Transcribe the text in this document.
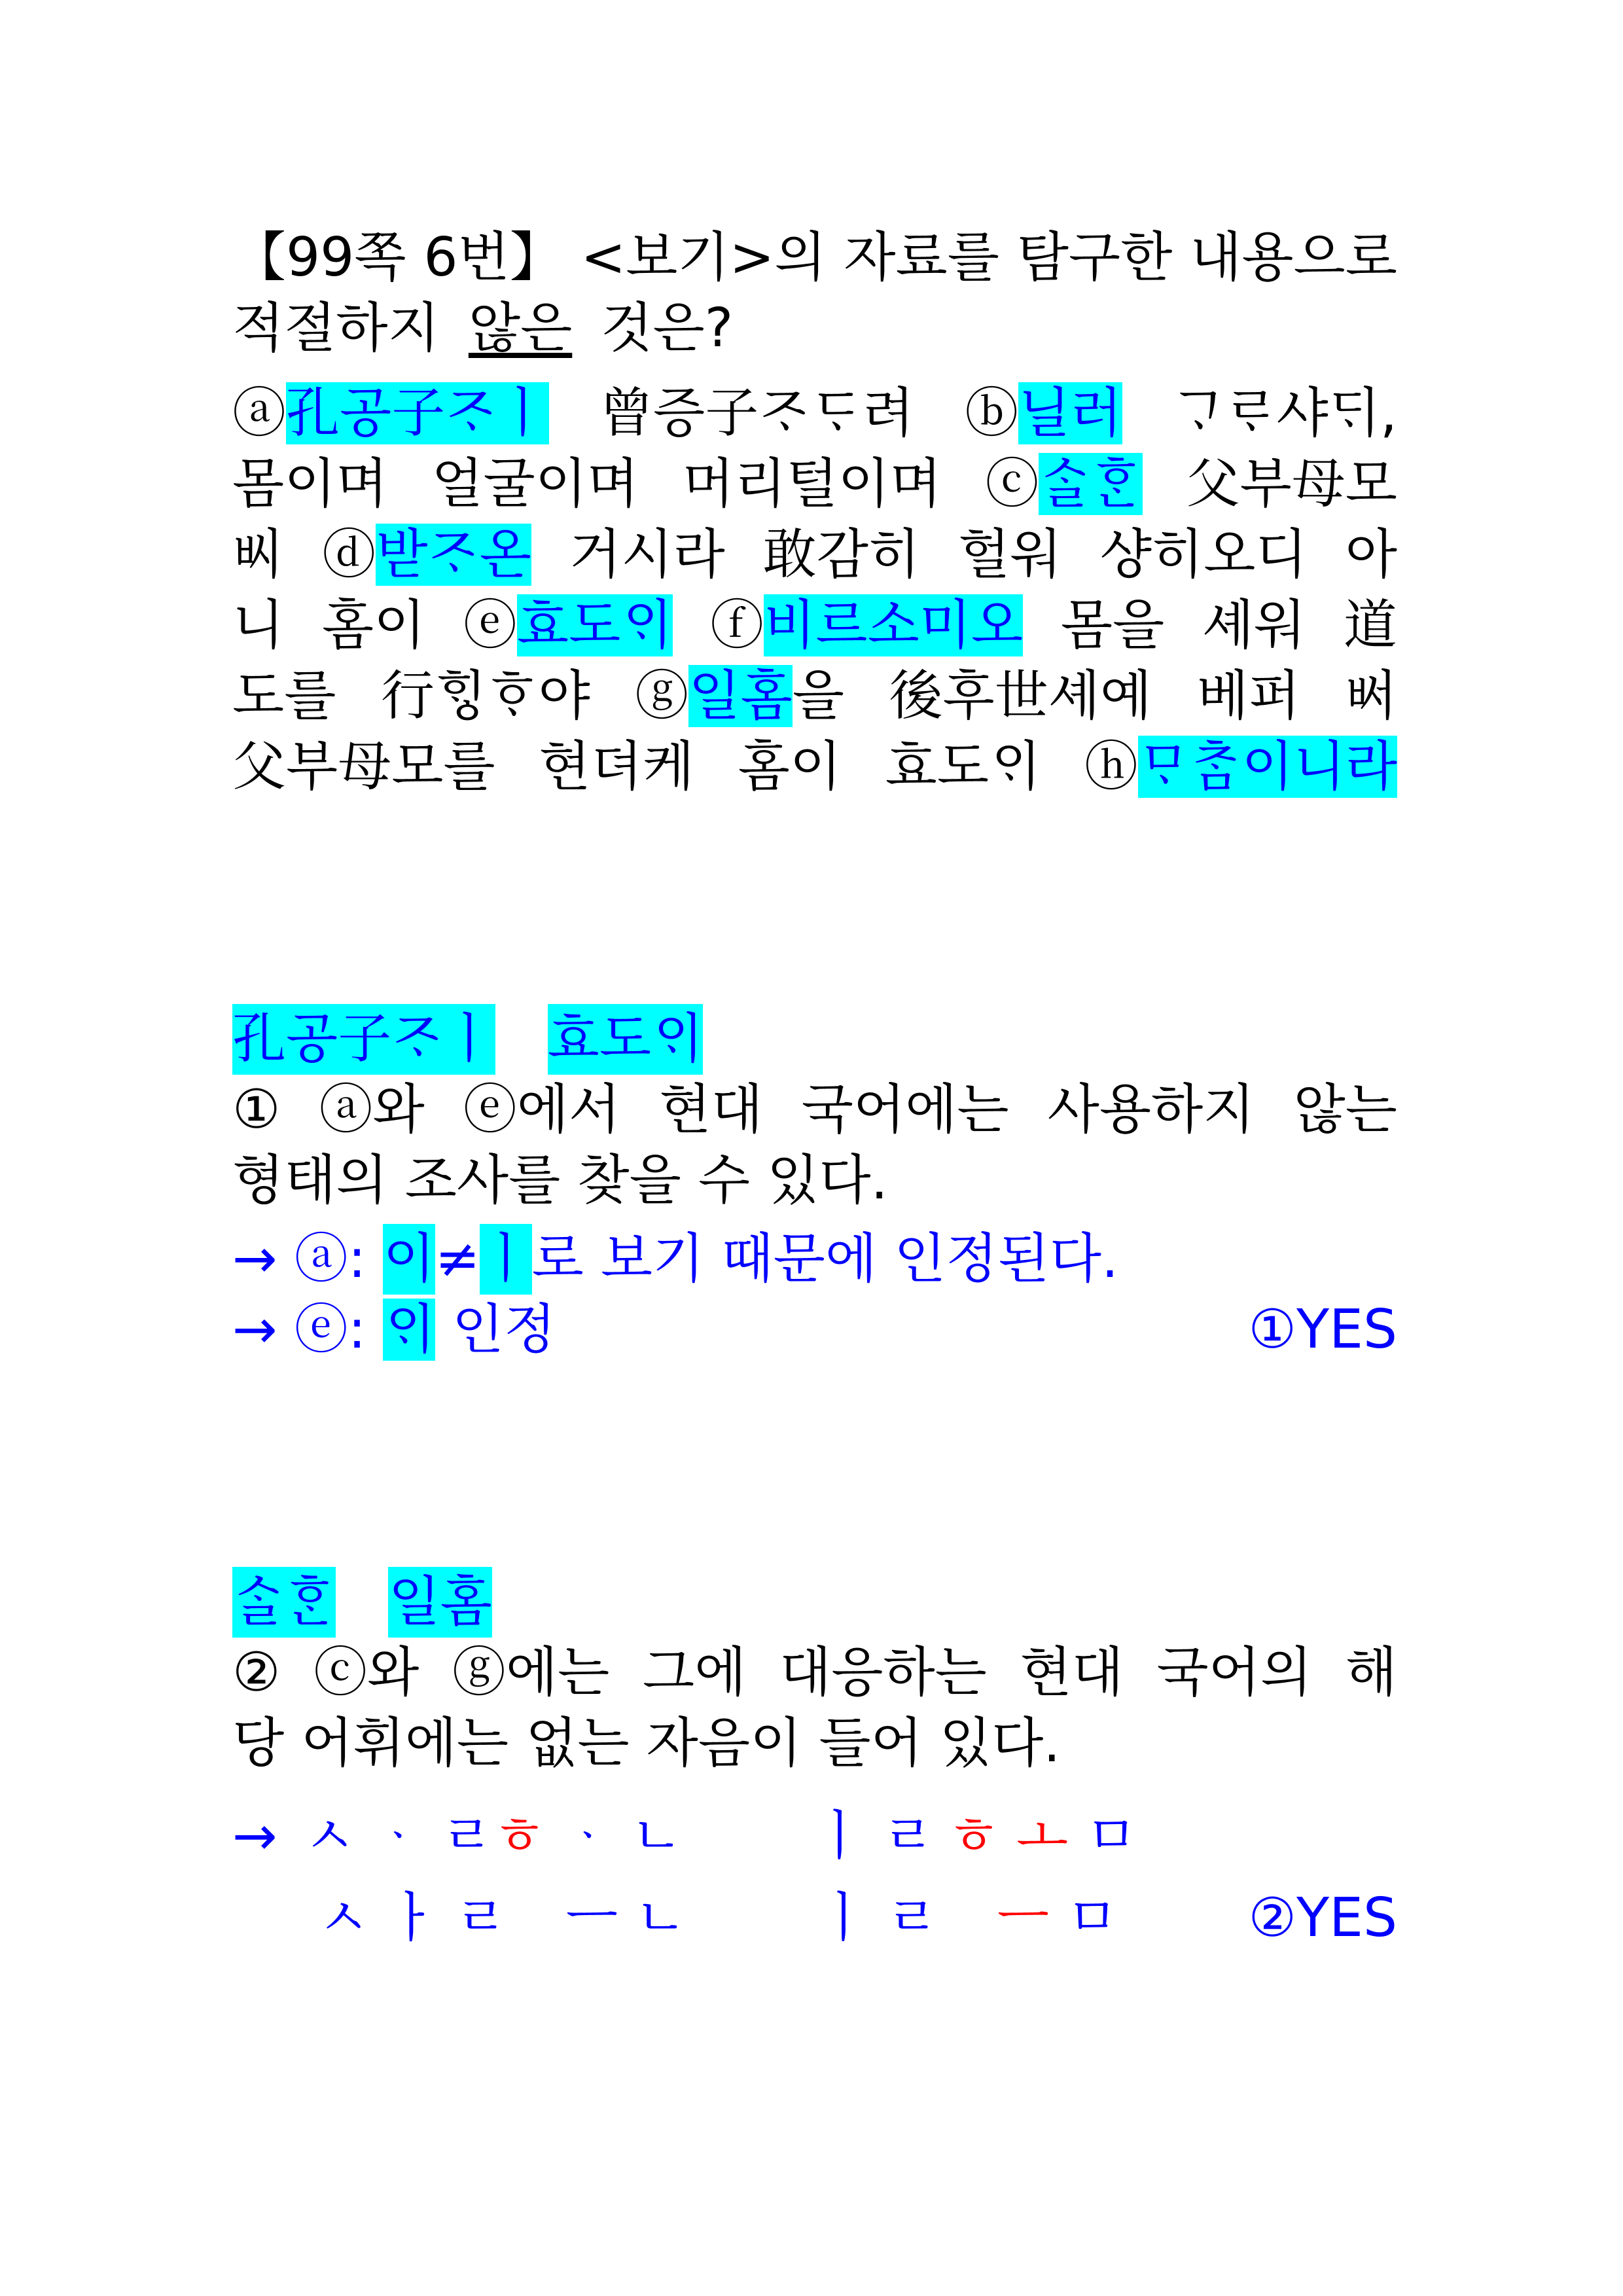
【99쪽 6번】 <보기>의 자료를 탐구한 내용으로
적절하지 않은 것은?
ⓐ孔공子ᄌᆞㅣ 曾증子ᄌᆞᄃᆞ려 ⓑ닐러 ᄀᆞᄅᆞ샤ᄃᆡ,
몸이며 얼굴이며 머리털이며 ⓒᄉᆞᆯᄒᆞᆫ 父부母모
ᄡᅵ ⓓ받ᄌᆞ온 거시라 敢감히 헐워 샹히오디 아
니 홈이 ⓔ효도ᄋᆡ ⓕ비르소미오 몸을 셰워 道
도를 行ᄒᆡᇰᄒᆞ야 ⓖ일홈을 後후世셰예 베퍼 ᄡᅥ
父부母모를 현뎌케 홈이 효도ᄋᆡ ⓗᄆᆞᄎᆞᆷ이니라
孔공子ᄌᆞㅣ 효도ᄋᆡ
① ⓐ와 ⓔ에서 현대 국어에는 사용하지 않는
형태의 조사를 찾을 수 있다.
→ ⓐ: 이 ≠ ㅣ 로 보기 때문에 인정된다.
→ ⓔ: ᄋᆡ 인정	①YES
ᄉᆞᆯᄒᆞᆫ 일홈
② ⓒ와 ⓖ에는 그에 대응하는 현대 국어의 해
당 어휘에는 없는 자음이 들어 있다.
→ ㅅ ᆞ ㄹ ㅎ ᆞ ㄴ ㅣ ㄹ ㅎ ㅗ ㅁ
ㅅ ㅏ ㄹ ㅡ ㄴ ㅣ ㄹ ㅡ ㅁ ②YES
